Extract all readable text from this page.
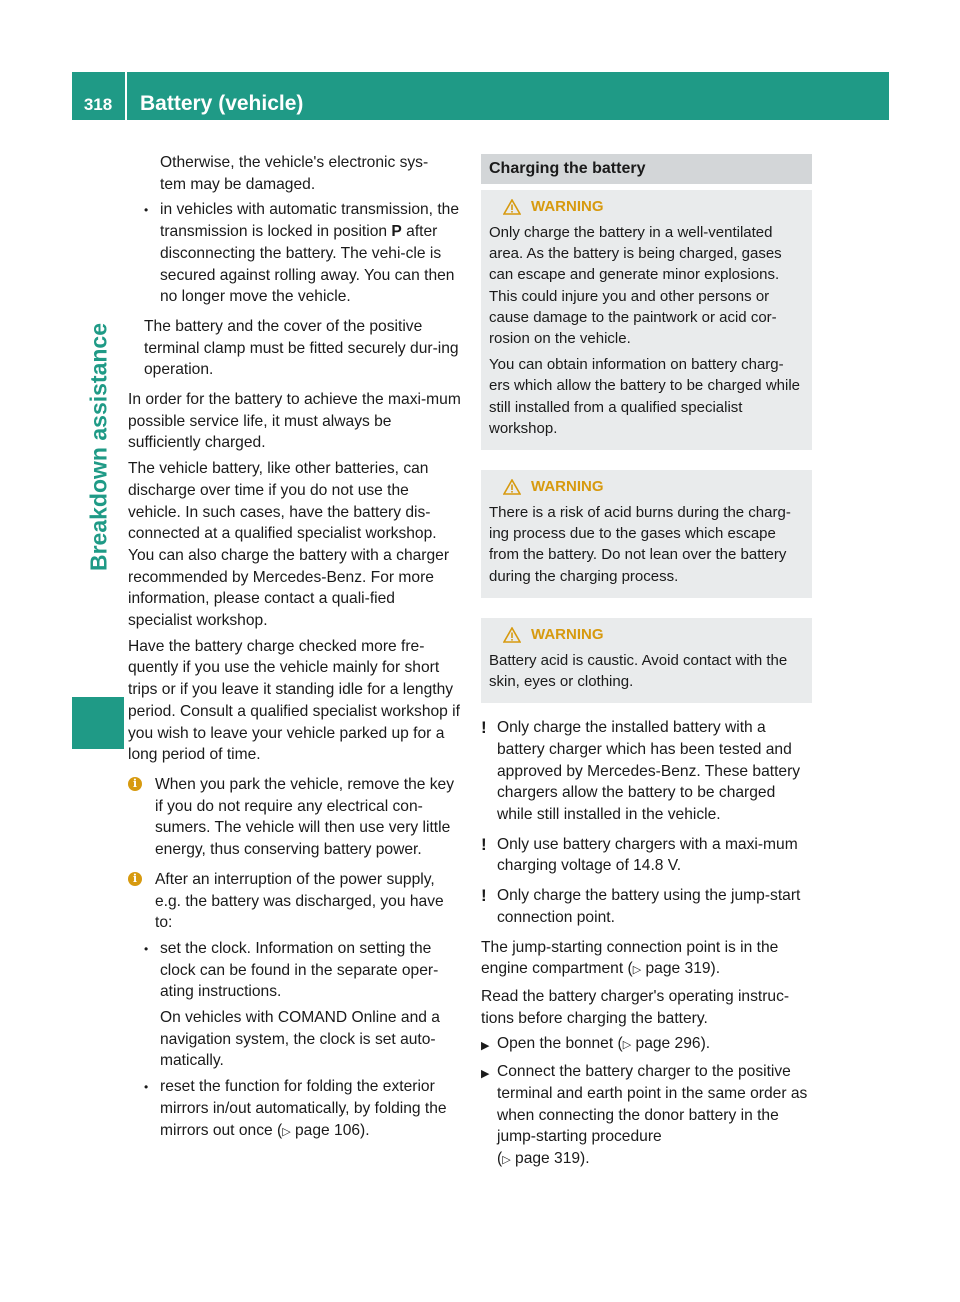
318	Battery (vehicle)
Breakdown assistance

Otherwise, the vehicle's electronic sys-
tem may be damaged.

• in vehicles with automatic transmission, the transmission is locked in position P after disconnecting the battery. The vehi-cle is secured against rolling away. You can then no longer move the vehicle.

The battery and the cover of the positive terminal clamp must be fitted securely dur-ing operation.

In order for the battery to achieve the maxi-mum possible service life, it must always be sufficiently charged.

The vehicle battery, like other batteries, can discharge over time if you do not use the vehicle. In such cases, have the battery dis-connected at a qualified specialist workshop. You can also charge the battery with a charger recommended by Mercedes-Benz. For more information, please contact a quali-fied specialist workshop.

Have the battery charge checked more fre-quently if you use the vehicle mainly for short trips or if you leave it standing idle for a lengthy period. Consult a qualified specialist workshop if you wish to leave your vehicle parked up for a long period of time.

i	When you park the vehicle, remove the key if you do not require any electrical con-sumers. The vehicle will then use very little energy, thus conserving battery power.

i	After an interruption of the power supply, e.g. the battery was discharged, you have to:

• set the clock. Information on setting the clock can be found in the separate oper-ating instructions.

On vehicles with COMAND Online and a navigation system, the clock is set auto-matically.

• reset the function for folding the exterior mirrors in/out automatically, by folding the mirrors out once (▷ page 106).

Charging the battery
WARNING

Only charge the battery in a well-ventilated area. As the battery is being charged, gases can escape and generate minor explosions. This could injure you and other persons or cause damage to the paintwork or acid cor-rosion on the vehicle.

You can obtain information on battery charg-ers which allow the battery to be charged while still installed from a qualified specialist workshop.

WARNING

There is a risk of acid burns during the charg-ing process due to the gases which escape from the battery. Do not lean over the battery during the charging process.

WARNING

Battery acid is caustic. Avoid contact with the skin, eyes or clothing.

! Only charge the installed battery with a battery charger which has been tested and approved by Mercedes-Benz. These battery chargers allow the battery to be charged while still installed in the vehicle.

! Only use battery chargers with a maxi-mum charging voltage of 14.8 V.

! Only charge the battery using the jump-start connection point.

The jump-starting connection point is in the engine compartment (▷ page 319).

Read the battery charger's operating instruc-tions before charging the battery.

▶ Open the bonnet (▷ page 296).

▶ Connect the battery charger to the positive terminal and earth point in the same order as when connecting the donor battery in the jump-starting procedure
(▷ page 319).
